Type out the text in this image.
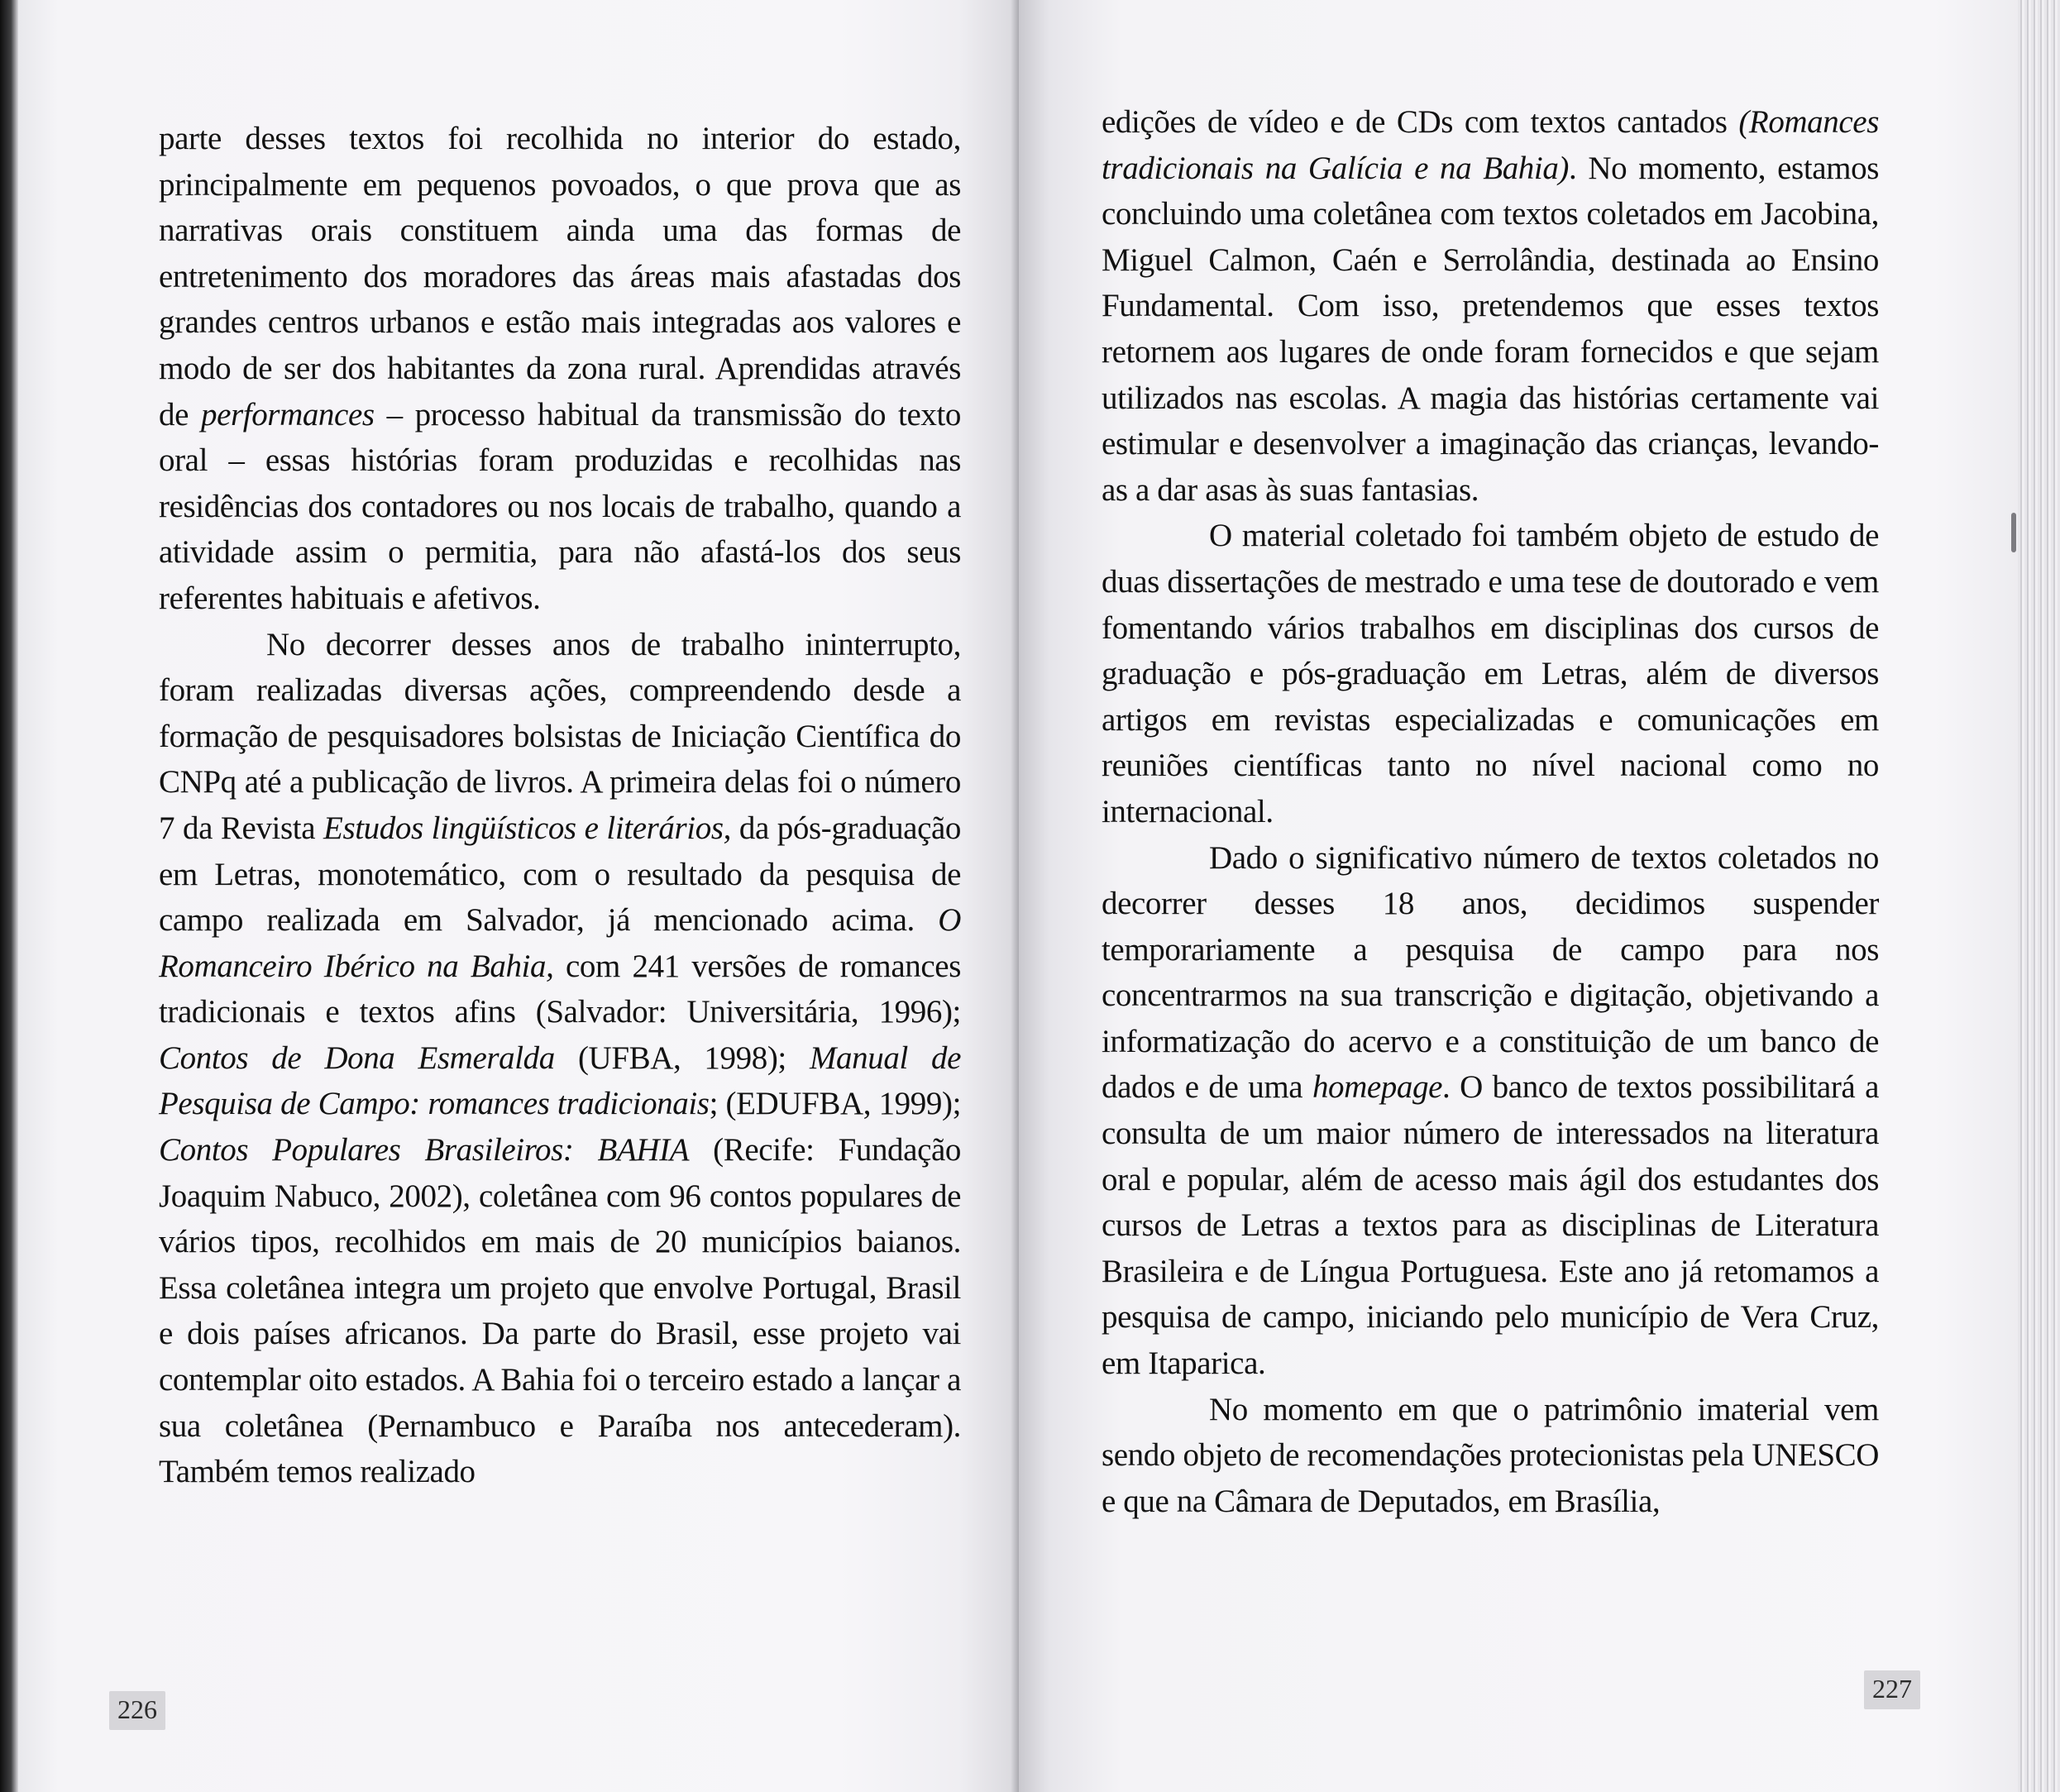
parte desses textos foi recolhida no interior do estado, principalmente em pequenos povoados, o que prova que as narrativas orais constituem ainda uma das formas de entretenimento dos moradores das áreas mais afastadas dos grandes centros urbanos e estão mais integradas aos valores e modo de ser dos habitantes da zona rural. Aprendidas através de performances – processo habitual da transmissão do texto oral – essas histórias foram produzidas e recolhidas nas residências dos contadores ou nos locais de trabalho, quando a atividade assim o permitia, para não afastá-los dos seus referentes habituais e afetivos.

No decorrer desses anos de trabalho ininterrupto, foram realizadas diversas ações, compreendendo desde a formação de pesquisadores bolsistas de Iniciação Científica do CNPq até a publicação de livros. A primeira delas foi o número 7 da Revista Estudos lingüísticos e literários, da pós-graduação em Letras, monotemático, com o resultado da pesquisa de campo realizada em Salvador, já mencionado acima. O Romanceiro Ibérico na Bahia, com 241 versões de romances tradicionais e textos afins (Salvador: Universitária, 1996); Contos de Dona Esmeralda (UFBA, 1998); Manual de Pesquisa de Campo: romances tradicionais; (EDUFBA, 1999); Contos Populares Brasileiros: BAHIA (Recife: Fundação Joaquim Nabuco, 2002), coletânea com 96 contos populares de vários tipos, recolhidos em mais de 20 municípios baianos. Essa coletânea integra um projeto que envolve Portugal, Brasil e dois países africanos. Da parte do Brasil, esse projeto vai contemplar oito estados. A Bahia foi o terceiro estado a lançar a sua coletânea (Pernambuco e Paraíba nos antecederam). Também temos realizado

226

edições de vídeo e de CDs com textos cantados (Romances tradicionais na Galícia e na Bahia). No momento, estamos concluindo uma coletânea com textos coletados em Jacobina, Miguel Calmon, Caén e Serrolândia, destinada ao Ensino Fundamental. Com isso, pretendemos que esses textos retornem aos lugares de onde foram fornecidos e que sejam utilizados nas escolas. A magia das histórias certamente vai estimular e desenvolver a imaginação das crianças, levando-as a dar asas às suas fantasias.

O material coletado foi também objeto de estudo de duas dissertações de mestrado e uma tese de doutorado e vem fomentando vários trabalhos em disciplinas dos cursos de graduação e pós-graduação em Letras, além de diversos artigos em revistas especializadas e comunicações em reuniões científicas tanto no nível nacional como no internacional.

Dado o significativo número de textos coletados no decorrer desses 18 anos, decidimos suspender temporariamente a pesquisa de campo para nos concentrarmos na sua transcrição e digitação, objetivando a informatização do acervo e a constituição de um banco de dados e de uma homepage. O banco de textos possibilitará a consulta de um maior número de interessados na literatura oral e popular, além de acesso mais ágil dos estudantes dos cursos de Letras a textos para as disciplinas de Literatura Brasileira e de Língua Portuguesa. Este ano já retomamos a pesquisa de campo, iniciando pelo município de Vera Cruz, em Itaparica.

No momento em que o patrimônio imaterial vem sendo objeto de recomendações protecionistas pela UNESCO e que na Câmara de Deputados, em Brasília,

227
